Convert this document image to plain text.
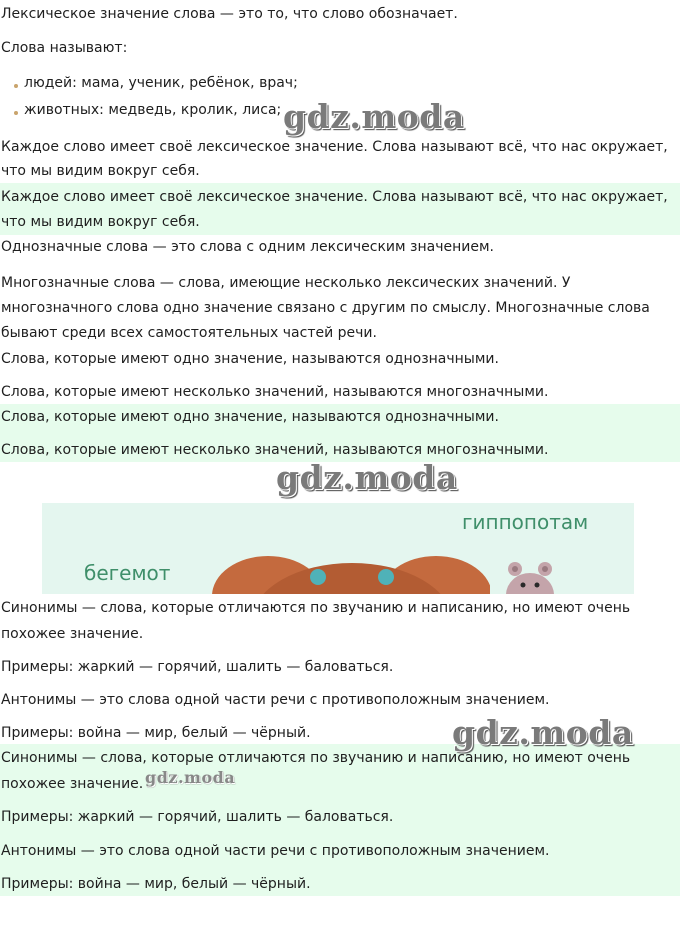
Лексическое значение слова — это то, что слово обозначает.

Слова называют:

людей: мама, ученик, ребёнок, врач;

животных: медведь, кролик, лиса;

Каждое слово имеет своё лексическое значение. Слова называют всё, что нас окружает,

что мы видим вокруг себя.

Каждое слово имеет своё лексическое значение. Слова называют всё, что нас окружает,

что мы видим вокруг себя.

Однозначные слова — это слова с одним лексическим значением.

Многозначные слова — слова, имеющие несколько лексических значений. У

многозначного слова одно значение связано с другим по смыслу. Многозначные слова

бывают среди всех самостоятельных частей речи.

Слова, которые имеют одно значение, называются однозначными.

Слова, которые имеют несколько значений, называются многозначными.

Слова, которые имеют одно значение, называются однозначными.

Слова, которые имеют несколько значений, называются многозначными.

бегемот
гиппопотам

Синонимы — слова, которые отличаются по звучанию и написанию, но имеют очень

похожее значение.

Примеры: жаркий — горячий, шалить — баловаться.

Антонимы — это слова одной части речи с противоположным значением.

Примеры: война — мир, белый — чёрный.

Синонимы — слова, которые отличаются по звучанию и написанию, но имеют очень

похожее значение.

Примеры: жаркий — горячий, шалить — баловаться.

Антонимы — это слова одной части речи с противоположным значением.

Примеры: война — мир, белый — чёрный.

gdz.moda
gdz.moda
gdz.moda
gdz.moda
